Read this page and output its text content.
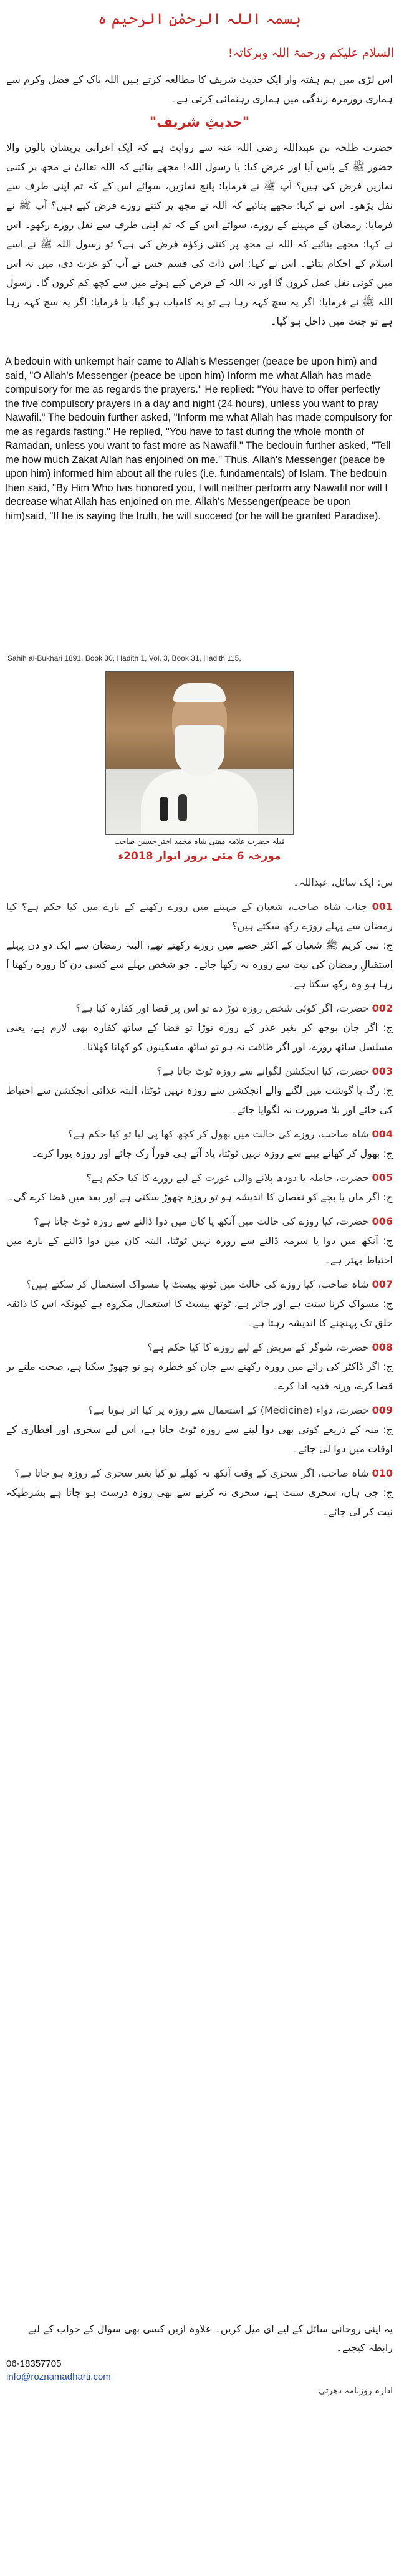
بسمہ اللہ الرحمٰن الرحیم ہ
السلام علیکم ورحمۃ اللہ وبرکاتہ!

اس لڑی میں ہم ہفتہ وار ایک حدیث شریف کا مطالعہ کرتے ہیں اللہ پاک کے فضل وکرم سے ہماری روزمرہ زندگی میں ہماری رہنمائی کرتی ہے۔

"حدیثِ شریف"

حضرت طلحہ بن عبیداللہ رضی اللہ عنہ سے روایت ہے کہ ایک اعرابی پریشان بالوں والا حضور ﷺ کے پاس آیا اور عرض کیا: یا رسول اللہ! مجھے بتائیے کہ اللہ تعالیٰ نے مجھ پر کتنی نمازیں فرض کی ہیں؟ آپ ﷺ نے فرمایا: پانچ نمازیں، سوائے اس کے کہ تم اپنی طرف سے نفل پڑھو۔ اس نے کہا: مجھے بتائیے کہ اللہ نے مجھ پر کتنے روزے فرض کیے ہیں؟ آپ ﷺ نے فرمایا: رمضان کے مہینے کے روزے، سوائے اس کے کہ تم اپنی طرف سے نفل روزے رکھو۔ اس نے کہا: مجھے بتائیے کہ اللہ نے مجھ پر کتنی زکوٰۃ فرض کی ہے؟ تو رسول اللہ ﷺ نے اسے اسلام کے احکام بتائے۔ اس نے کہا: اس ذات کی قسم جس نے آپ کو عزت دی، میں نہ اس میں کوئی نفل عمل کروں گا اور نہ اللہ کے فرض کیے ہوئے میں سے کچھ کم کروں گا۔ رسول اللہ ﷺ نے فرمایا: اگر یہ سچ کہہ رہا ہے تو یہ کامیاب ہو گیا، یا فرمایا: اگر یہ سچ کہہ رہا ہے تو جنت میں داخل ہو گیا۔

A bedouin with unkempt hair came to Allah's Messenger (peace be upon him) and said, "O Allah's Messenger (peace be upon him) Inform me what Allah has made compulsory for me as regards the prayers." He replied: "You have to offer perfectly the five compulsory prayers in a day and night (24 hours), unless you want to pray Nawafil." The bedouin further asked, "Inform me what Allah has made compulsory for me as regards fasting." He replied, "You have to fast during the whole month of Ramadan, unless you want to fast more as Nawafil." The bedouin further asked, "Tell me how much Zakat Allah has enjoined on me." Thus, Allah's Messenger (peace be upon him) informed him about all the rules (i.e. fundamentals) of Islam. The bedouin then said, "By Him Who has honored you, I will neither perform any Nawafil nor will I decrease what Allah has enjoined on me. Allah's Messenger(peace be upon him)said, "If he is saying the truth, he will succeed (or he will be granted Paradise).

Sahih al-Bukhari 1891, Book 30, Hadith 1, Vol. 3, Book 31, Hadith 115,
قبلہ حضرت علامہ مفتی شاہ محمد اختر حسین صاحب
مورخہ 6 مئی بروز اتوار 2018ء
س: ایک سائل، عبداللہ۔
001 جناب شاہ صاحب، شعبان کے مہینے میں روزے رکھنے کے بارے میں کیا حکم ہے؟ کیا رمضان سے پہلے روزے رکھ سکتے ہیں؟
ج: نبی کریم ﷺ شعبان کے اکثر حصے میں روزے رکھتے تھے، البتہ رمضان سے ایک دو دن پہلے استقبالِ رمضان کی نیت سے روزہ نہ رکھا جائے۔ جو شخص پہلے سے کسی دن کا روزہ رکھتا آ رہا ہو وہ رکھ سکتا ہے۔
002 حضرت، اگر کوئی شخص روزہ توڑ دے تو اس پر قضا اور کفارہ کیا ہے؟
ج: اگر جان بوجھ کر بغیر عذر کے روزہ توڑا تو قضا کے ساتھ کفارہ بھی لازم ہے، یعنی مسلسل ساٹھ روزے، اور اگر طاقت نہ ہو تو ساٹھ مسکینوں کو کھانا کھلانا۔
003 حضرت، کیا انجکشن لگوانے سے روزہ ٹوٹ جاتا ہے؟
ج: رگ یا گوشت میں لگنے والے انجکشن سے روزہ نہیں ٹوٹتا، البتہ غذائی انجکشن سے احتیاط کی جائے اور بلا ضرورت نہ لگوایا جائے۔
004 شاہ صاحب، روزے کی حالت میں بھول کر کچھ کھا پی لیا تو کیا حکم ہے؟
ج: بھول کر کھانے پینے سے روزہ نہیں ٹوٹتا، یاد آتے ہی فوراً رک جائے اور روزہ پورا کرے۔
005 حضرت، حاملہ یا دودھ پلانے والی عورت کے لیے روزے کا کیا حکم ہے؟
ج: اگر ماں یا بچے کو نقصان کا اندیشہ ہو تو روزہ چھوڑ سکتی ہے اور بعد میں قضا کرے گی۔
006 حضرت، کیا روزے کی حالت میں آنکھ یا کان میں دوا ڈالنے سے روزہ ٹوٹ جاتا ہے؟
ج: آنکھ میں دوا یا سرمہ ڈالنے سے روزہ نہیں ٹوٹتا، البتہ کان میں دوا ڈالنے کے بارے میں احتیاط بہتر ہے۔
007 شاہ صاحب، کیا روزے کی حالت میں ٹوتھ پیسٹ یا مسواک استعمال کر سکتے ہیں؟
ج: مسواک کرنا سنت ہے اور جائز ہے، ٹوتھ پیسٹ کا استعمال مکروہ ہے کیونکہ اس کا ذائقہ حلق تک پہنچنے کا اندیشہ رہتا ہے۔
008 حضرت، شوگر کے مریض کے لیے روزے کا کیا حکم ہے؟
ج: اگر ڈاکٹر کی رائے میں روزہ رکھنے سے جان کو خطرہ ہو تو چھوڑ سکتا ہے، صحت ملنے پر قضا کرے، ورنہ فدیہ ادا کرے۔
009 حضرت، دواء (Medicine) کے استعمال سے روزہ پر کیا اثر ہوتا ہے؟
ج: منہ کے ذریعے کوئی بھی دوا لینے سے روزہ ٹوٹ جاتا ہے، اس لیے سحری اور افطاری کے اوقات میں دوا لی جائے۔
010 شاہ صاحب، اگر سحری کے وقت آنکھ نہ کھلے تو کیا بغیر سحری کے روزہ ہو جاتا ہے؟
ج: جی ہاں، سحری سنت ہے، سحری نہ کرنے سے بھی روزہ درست ہو جاتا ہے بشرطیکہ نیت کر لی جائے۔
یہ اپنی روحانی سائل کے لیے ای میل کریں۔ علاوہ ازیں کسی بھی سوال کے جواب کے لیے رابطہ کیجیے۔
06-18357705
info@roznamadharti.com
ادارہ روزنامہ دھرتی۔
